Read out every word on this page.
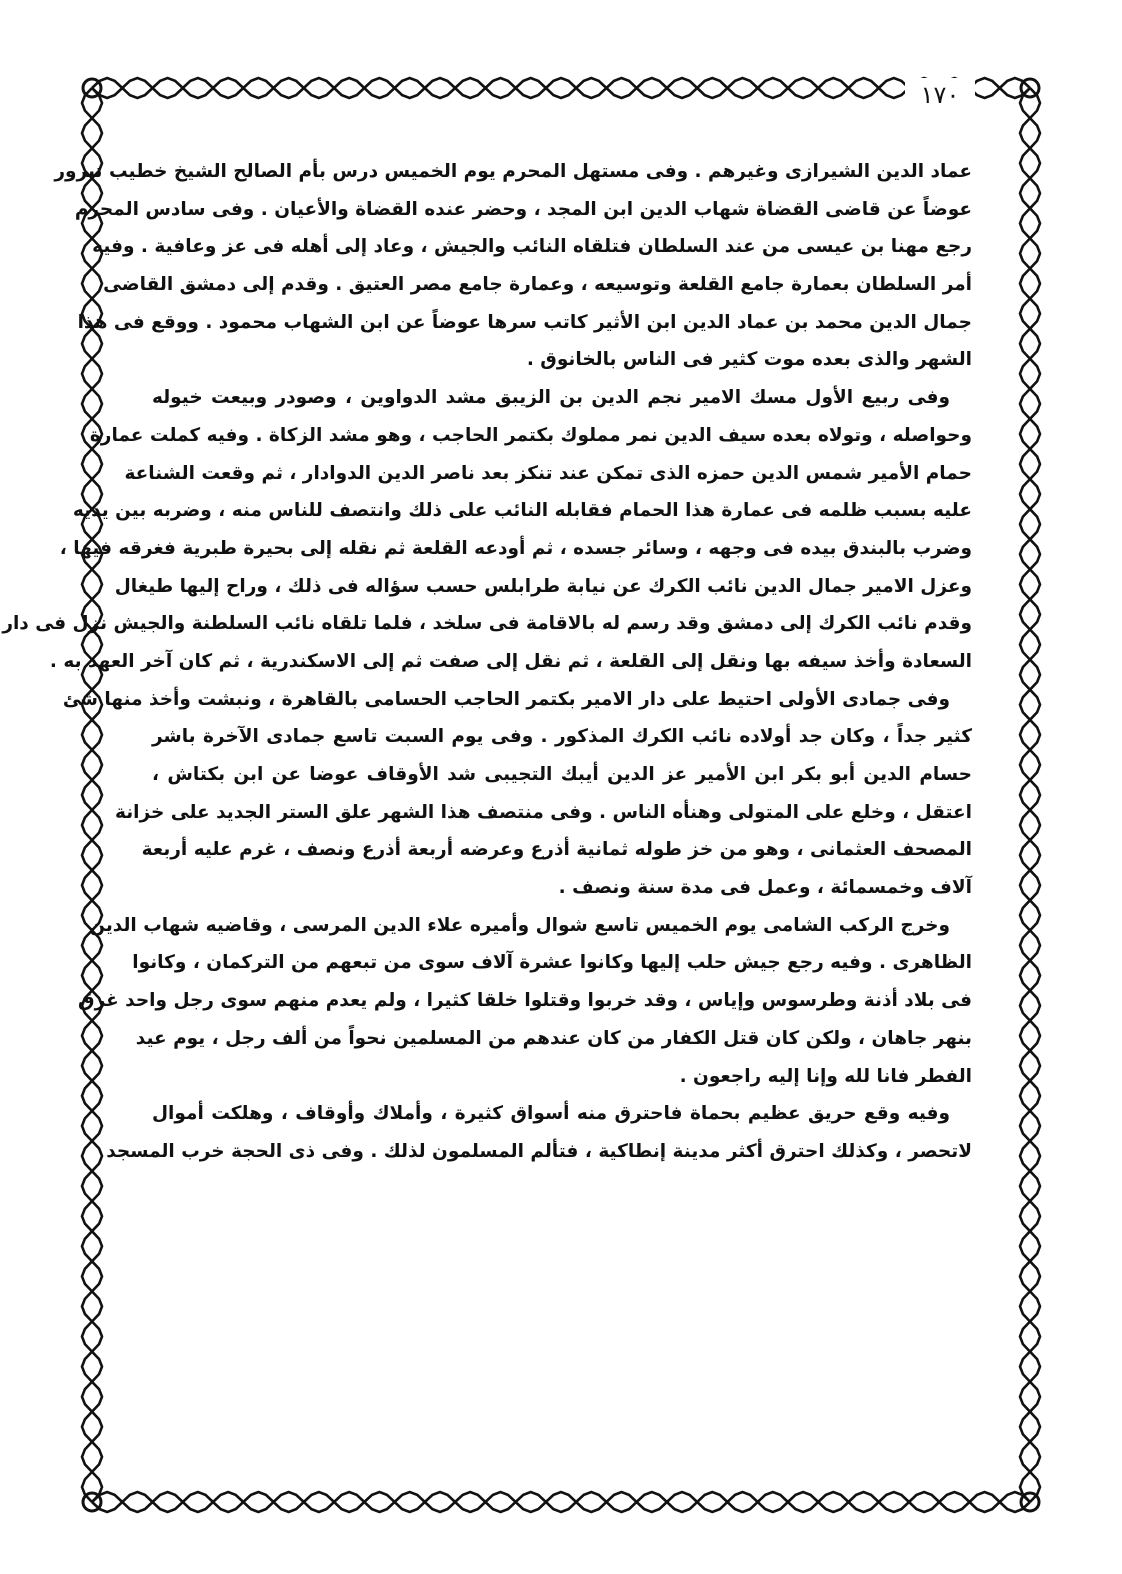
١٧٠
عماد الدين الشيرازى وغيرهم . وفى مستهل المحرم يوم الخميس درس بأم الصالح الشيخ خطيب تبرور
عوضاً عن قاضى القضاة شهاب الدين ابن المجد ، وحضر عنده القضاة والأعيان . وفى سادس المحرم
رجع مهنا بن عيسى من عند السلطان فتلقاه النائب والجيش ، وعاد إلى أهله فى عز وعافية . وفيه
أمر السلطان بعمارة جامع القلعة وتوسيعه ، وعمارة جامع مصر العتيق . وقدم إلى دمشق القاضى
جمال الدين محمد بن عماد الدين ابن الأثير كاتب سرها عوضاً عن ابن الشهاب محمود . ووقع فى هذا
الشهر والذى بعده موت كثير فى الناس بالخانوق .
وفى ربيع الأول مسك الامير نجم الدين بن الزيبق مشد الدواوين ، وصودر وبيعت خيوله
وحواصله ، وتولاه بعده سيف الدين نمر مملوك بكتمر الحاجب ، وهو مشد الزكاة . وفيه كملت عمارة
حمام الأمير شمس الدين حمزه الذى تمكن عند تنكز بعد ناصر الدين الدوادار ، ثم وقعت الشناعة
عليه بسبب ظلمه فى عمارة هذا الحمام فقابله النائب على ذلك وانتصف للناس منه ، وضربه بين يديه
وضرب بالبندق بيده فى وجهه ، وسائر جسده ، ثم أودعه القلعة ثم نقله إلى بحيرة طبرية فغرقه فيها ،
وعزل الامير جمال الدين نائب الكرك عن نيابة طرابلس حسب سؤاله فى ذلك ، وراح إليها طيغال
وقدم نائب الكرك إلى دمشق وقد رسم له بالاقامة فى سلخد ، فلما تلقاه نائب السلطنة والجيش نزل فى دار
السعادة وأخذ سيفه بها ونقل إلى القلعة ، ثم نقل إلى صفت ثم إلى الاسكندرية ، ثم كان آخر العهد به .
وفى جمادى الأولى احتيط على دار الامير بكتمر الحاجب الحسامى بالقاهرة ، ونبشت وأخذ منها شئ
كثير جداً ، وكان جد أولاده نائب الكرك المذكور . وفى يوم السبت تاسع جمادى الآخرة باشر
حسام الدين أبو بكر ابن الأمير عز الدين أيبك التجيبى شد الأوقاف عوضا عن ابن بكتاش ،
اعتقل ، وخلع على المتولى وهنأه الناس . وفى منتصف هذا الشهر علق الستر الجديد على خزانة
المصحف العثمانى ، وهو من خز طوله ثمانية أذرع وعرضه أربعة أذرع ونصف ، غرم عليه أربعة
آلاف وخمسمائة ، وعمل فى مدة سنة ونصف .
وخرج الركب الشامى يوم الخميس تاسع شوال وأميره علاء الدين المرسى ، وقاضيه شهاب الدين
الظاهرى . وفيه رجع جيش حلب إليها وكانوا عشرة آلاف سوى من تبعهم من التركمان ، وكانوا
فى بلاد أذنة وطرسوس وإياس ، وقد خربوا وقتلوا خلقا كثيرا ، ولم يعدم منهم سوى رجل واحد غرق
بنهر جاهان ، ولكن كان قتل الكفار من كان عندهم من المسلمين نحواً من ألف رجل ، يوم عيد
الفطر فانا لله وإنا إليه راجعون .
وفيه وقع حريق عظيم بحماة فاحترق منه أسواق كثيرة ، وأملاك وأوقاف ، وهلكت أموال
لاتحصر ، وكذلك احترق أكثر مدينة إنطاكية ، فتألم المسلمون لذلك . وفى ذى الحجة خرب المسجد
